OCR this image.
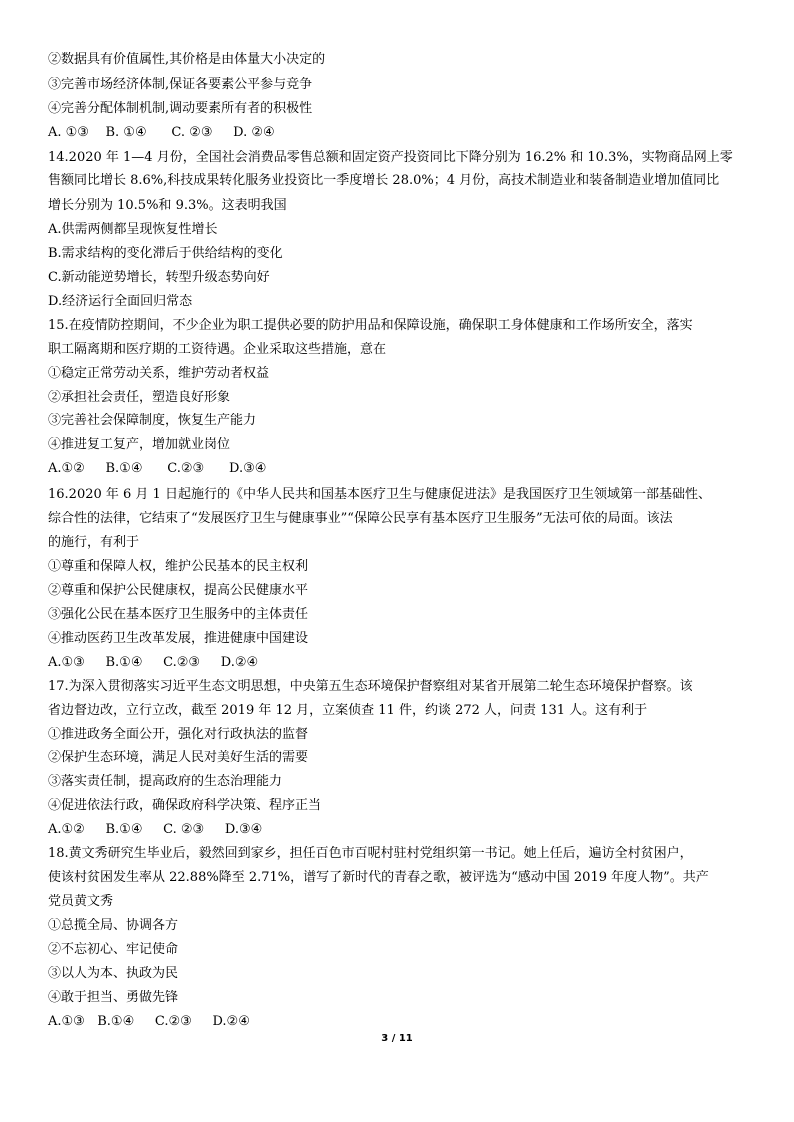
②数据具有价值属性,其价格是由体量大小决定的
③完善市场经济体制,保证各要素公平参与竞争
④完善分配体制机制,调动要素所有者的积极性
A. ①③    B. ①④      C. ②③     D. ②④
14.2020 年 1—4 月份，全国社会消费品零售总额和固定资产投资同比下降分别为 16.2% 和 10.3%，实物商品网上零
售额同比增长 8.6%,科技成果转化服务业投资比一季度增长 28.0%；4 月份，高技术制造业和装备制造业增加值同比
增长分别为 10.5%和 9.3%。这表明我国
A.供需两侧都呈现恢复性增长
B.需求结构的变化滞后于供给结构的变化
C.新动能逆势增长，转型升级态势向好
D.经济运行全面回归常态
15.在疫情防控期间，不少企业为职工提供必要的防护用品和保障设施，确保职工身体健康和工作场所安全，落实
职工隔离期和医疗期的工资待遇。企业采取这些措施，意在
①稳定正常劳动关系，维护劳动者权益
②承担社会责任，塑造良好形象
③完善社会保障制度，恢复生产能力
④推进复工复产，增加就业岗位
A.①②     B.①④      C.②③      D.③④
16.2020 年 6 月 1 日起施行的《中华人民共和国基本医疗卫生与健康促进法》是我国医疗卫生领域第一部基础性、
综合性的法律，它结束了“发展医疗卫生与健康事业”“保障公民享有基本医疗卫生服务”无法可依的局面。该法
的施行，有利于
①尊重和保障人权，维护公民基本的民主权利
②尊重和保护公民健康权，提高公民健康水平
③强化公民在基本医疗卫生服务中的主体责任
④推动医药卫生改革发展，推进健康中国建设
A.①③     B.①④     C.②③     D.②④
17.为深入贯彻落实习近平生态文明思想，中央第五生态环境保护督察组对某省开展第二轮生态环境保护督察。该
省边督边改，立行立改，截至 2019 年 12 月，立案侦查 11 件，约谈 272 人，问责 131 人。这有利于
①推进政务全面公开，强化对行政执法的监督
②保护生态环境，满足人民对美好生活的需要
③落实责任制，提高政府的生态治理能力
④促进依法行政，确保政府科学决策、程序正当
A.①②     B.①④     C. ②③     D.③④
18.黄文秀研究生毕业后，毅然回到家乡，担任百色市百呢村驻村党组织第一书记。她上任后，遍访全村贫困户，
使该村贫困发生率从 22.88%降至 2.71%，谱写了新时代的青春之歌，被评选为“感动中国 2019 年度人物”。共产
党员黄文秀
①总揽全局、协调各方
②不忘初心、牢记使命
③以人为本、执政为民
④敢于担当、勇做先锋
A.①③   B.①④     C.②③     D.②④
3 / 11
